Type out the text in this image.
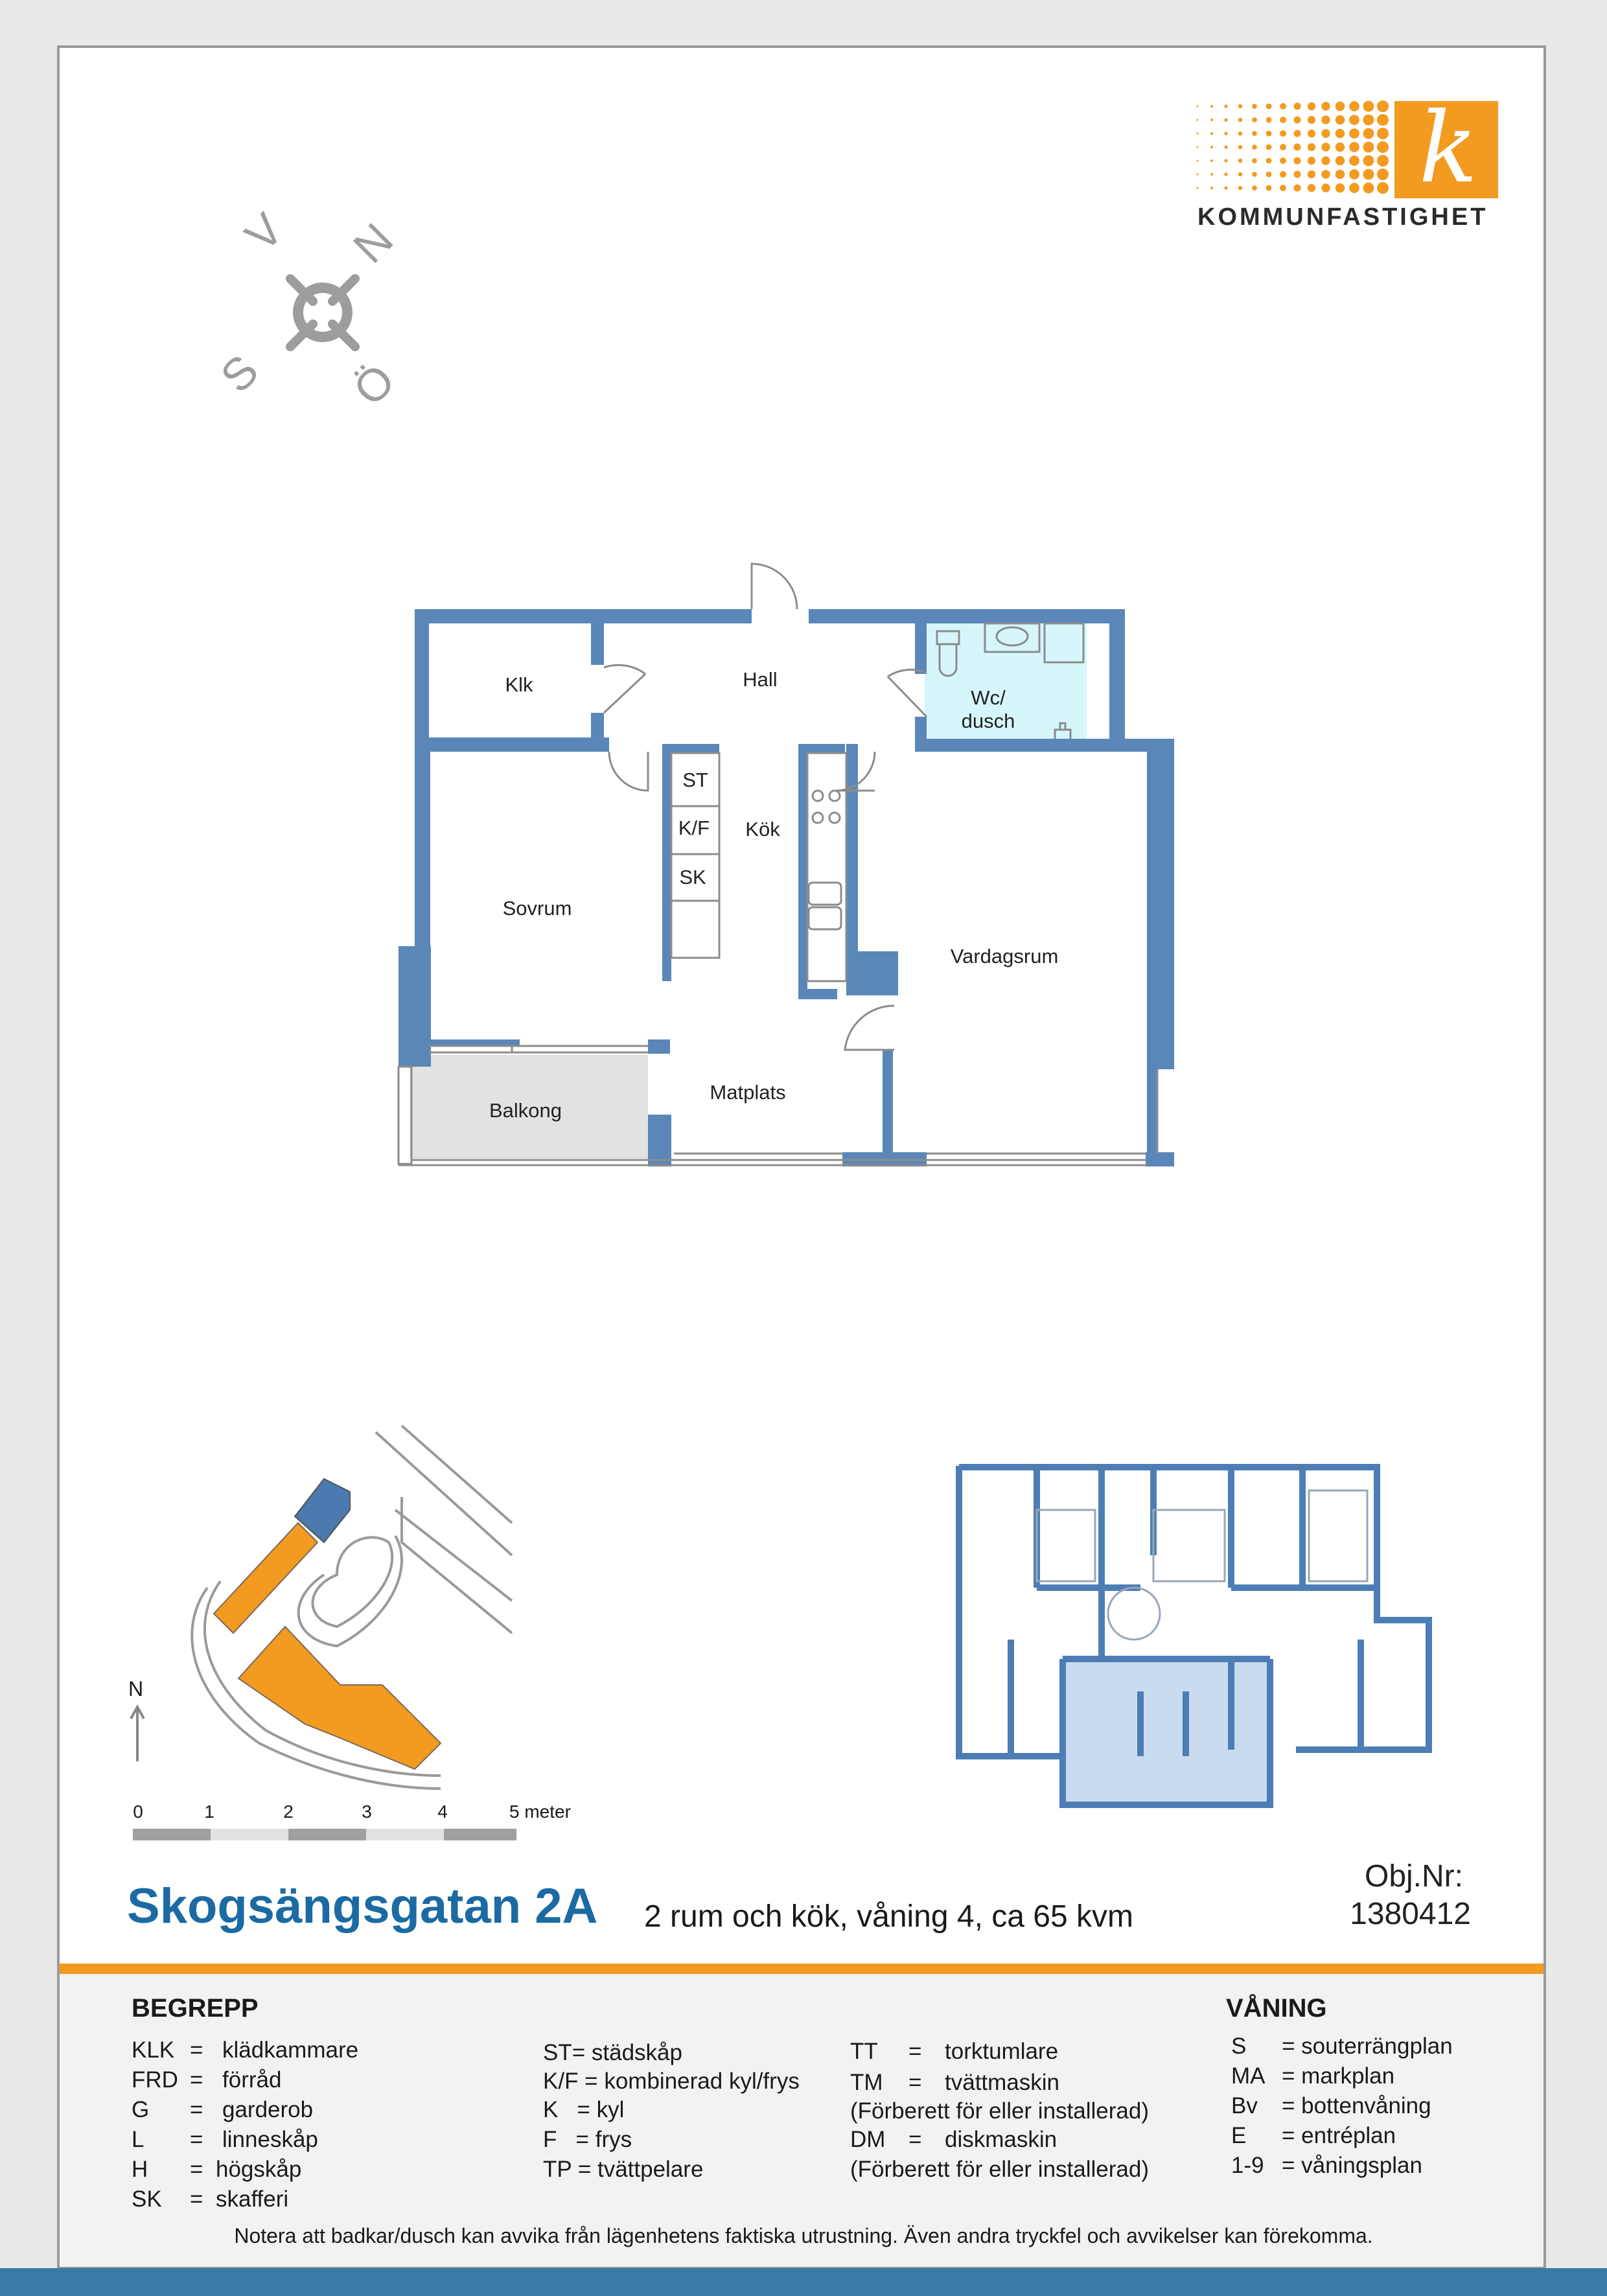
k
KOMMUNFASTIGHET
V N
S Ö
Klk	Hall
Wc/
dusch
ST
K/F
SK
Kök
Sovrum
Vardagsrum
Balkong
Matplats
N
0	1	2	3	4	5 meter
Skogsängsgatan 2A 2 rum och kök, våning 4, ca 65 kvm
Obj.Nr:
1380412
BEGREPP
KLK = klädkammare
FRD = förråd
G = garderob
L = linneskåp
H = högskåp
SK = skafferi
ST= städskåp
K/F = kombinerad kyl/frys
K   = kyl
F   = frys
TP = tvättpelare
TT = torktumlare
TM = tvättmaskin
(Förberett för eller installerad)
DM = diskmaskin
(Förberett för eller installerad)
VÅNING
S = souterrängplan
MA = markplan
Bv = bottenvåning
E = entréplan
1-9 = våningsplan
Notera att badkar/dusch kan avvika från lägenhetens faktiska utrustning. Även andra tryckfel och avvikelser kan förekomma.
